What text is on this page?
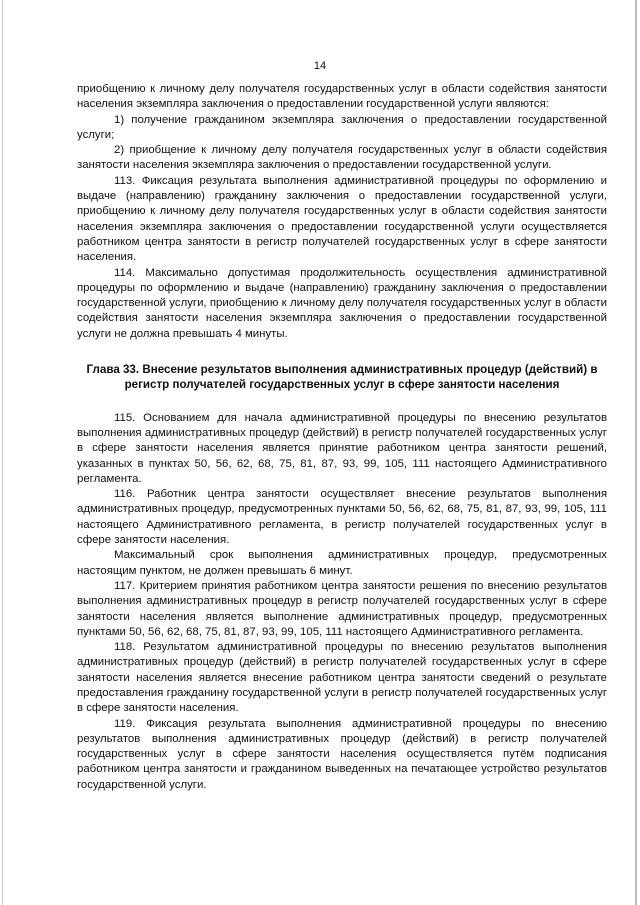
14

приобщению к личному делу получателя государственных услуг в области содействия занятости населения экземпляра заключения о предоставлении государственной услуги являются:

1) получение гражданином экземпляра заключения о предоставлении государственной услуги;

2) приобщение к личному делу получателя государственных услуг в области содействия занятости населения экземпляра заключения о предоставлении государственной услуги.

113. Фиксация результата выполнения административной процедуры по оформлению и выдаче (направлению) гражданину заключения о предоставлении государственной услуги, приобщению к личному делу получателя государственных услуг в области содействия занятости населения экземпляра заключения о предоставлении государственной услуги осуществляется работником центра занятости в регистр получателей государственных услуг в сфере занятости населения.

114. Максимально допустимая продолжительность осуществления административной процедуры по оформлению и выдаче (направлению) гражданину заключения о предоставлении государственной услуги, приобщению к личному делу получателя государственных услуг в области содействия занятости населения экземпляра заключения о предоставлении государственной услуги не должна превышать 4 минуты.

Глава 33. Внесение результатов выполнения административных процедур (действий) в регистр получателей государственных услуг в сфере занятости населения

115. Основанием для начала административной процедуры по внесению результатов выполнения административных процедур (действий) в регистр получателей государственных услуг в сфере занятости населения является принятие работником центра занятости решений, указанных в пунктах 50, 56, 62, 68, 75, 81, 87, 93, 99, 105, 111 настоящего Административного регламента.

116. Работник центра занятости осуществляет внесение результатов выполнения административных процедур, предусмотренных пунктами 50, 56, 62, 68, 75, 81, 87, 93, 99, 105, 111 настоящего Административного регламента, в регистр получателей государственных услуг в сфере занятости населения.

Максимальный срок выполнения административных процедур, предусмотренных настоящим пунктом, не должен превышать 6 минут.

117. Критерием принятия работником центра занятости решения по внесению результатов выполнения административных процедур в регистр получателей государственных услуг в сфере занятости населения является выполнение административных процедур, предусмотренных пунктами 50, 56, 62, 68, 75, 81, 87, 93, 99, 105, 111 настоящего Административного регламента.

118. Результатом административной процедуры по внесению результатов выполнения административных процедур (действий) в регистр получателей государственных услуг в сфере занятости населения является внесение работником центра занятости сведений о результате предоставления гражданину государственной услуги в регистр получателей государственных услуг в сфере занятости населения.

119. Фиксация результата выполнения административной процедуры по внесению результатов выполнения административных процедур (действий) в регистр получателей государственных услуг в сфере занятости населения осуществляется путём подписания работником центра занятости и гражданином выведенных на печатающее устройство результатов государственной услуги.
